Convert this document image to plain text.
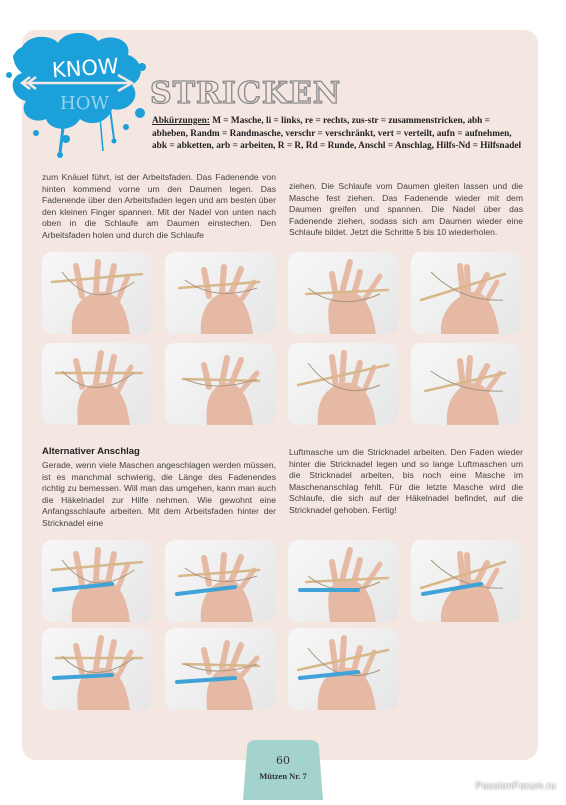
KNOW
HOW STRICKEN
Abkürzungen: M = Masche, li = links, re = rechts, zus-str = zusammenstricken, abh = abheben, Randm = Randmasche, verschr = verschränkt, vert = verteilt, aufn = aufnehmen, abk = abketten, arb = arbeiten, R = R, Rd = Runde, Anschl = Anschlag, Hilfs-Nd = Hilfsnadel
zum Knäuel führt, ist der Arbeitsfaden. Das Fadenende von hinten kommend vorne um den Daumen legen. Das Fadenende über den Arbeitsfaden legen und am besten über den kleinen Finger spannen. Mit der Nadel von unten nach oben in die Schlaufe am Daumen einstechen. Den Arbeitsfaden holen und durch die Schlaufe
ziehen. Die Schlaufe vom Daumen gleiten lassen und die Masche fest ziehen. Das Fadenende wieder mit dem Daumen greifen und spannen. Die Nadel über das Fadenende ziehen, sodass sich am Daumen wieder eine Schlaufe bildet. Jetzt die Schritte 5 bis 10 wiederholen.
Alternativer Anschlag
Gerade, wenn viele Maschen angeschlagen werden müssen, ist es manchmal schwierig, die Länge des Fadenendes richtig zu bemessen. Will man das umgehen, kann man auch die Häkelnadel zur Hilfe nehmen. Wie gewohnt eine Anfangsschlaufe arbeiten. Mit dem Arbeitsfaden hinter der Stricknadel eine
Luftmasche um die Stricknadel arbeiten. Den Faden wieder hinter die Stricknadel legen und so lange Luftmaschen um die Stricknadel arbeiten, bis noch eine Masche im Maschenanschlag fehlt. Für die letzte Masche wird die Schlaufe, die sich auf der Häkelnadel befindet, auf die Stricknadel gehoben. Fertig!
60
Mützen Nr. 7
PassionForum.ru
